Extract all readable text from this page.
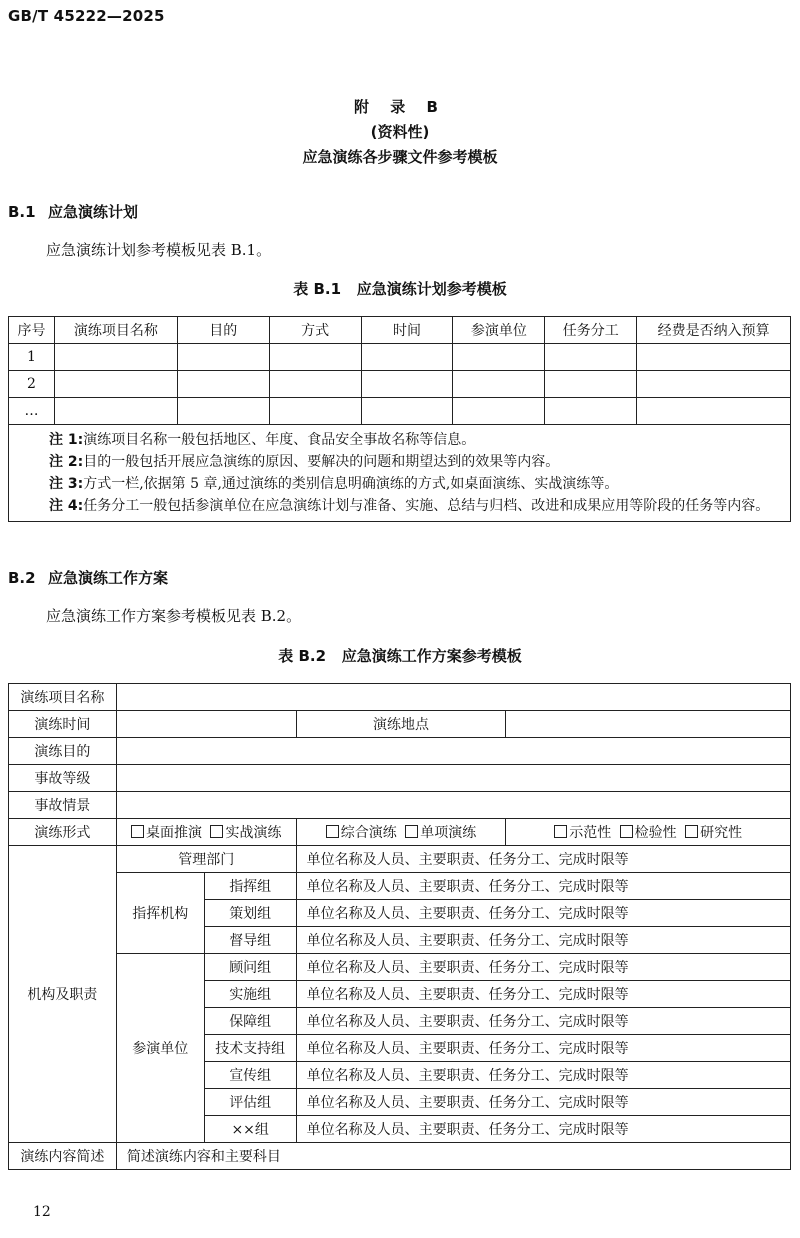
GB/T 45222—2025
附 录 B
(资料性)
应急演练各步骤文件参考模板
B.1 应急演练计划
应急演练计划参考模板见表 B.1。
表 B.1 应急演练计划参考模板
序号	演练项目名称	目的	方式	时间	参演单位	任务分工	经费是否纳入预算
1							
2							
…							

注 1:演练项目名称一般包括地区、年度、食品安全事故名称等信息。
注 2:目的一般包括开展应急演练的原因、要解决的问题和期望达到的效果等内容。
注 3:方式一栏,依据第 5 章,通过演练的类别信息明确演练的方式,如桌面演练、实战演练等。
注 4:任务分工一般包括参演单位在应急演练计划与准备、实施、总结与归档、改进和成果应用等阶段的任务等内容。							
B.2 应急演练工作方案
应急演练工作方案参考模板见表 B.2。
表 B.2 应急演练工作方案参考模板
演练项目名称				
演练时间			演练地点	
演练目的				
事故等级				
事故情景				
演练形式	桌面推演 实战演练		综合演练 单项演练	示范性 检验性 研究性
机构及职责	管理部门		单位名称及人员、主要职责、任务分工、完成时限等	
	指挥机构	指挥组	单位名称及人员、主要职责、任务分工、完成时限等	
		策划组	单位名称及人员、主要职责、任务分工、完成时限等	
		督导组	单位名称及人员、主要职责、任务分工、完成时限等	
	参演单位	顾问组	单位名称及人员、主要职责、任务分工、完成时限等	
		实施组	单位名称及人员、主要职责、任务分工、完成时限等	
		保障组	单位名称及人员、主要职责、任务分工、完成时限等	
		技术支持组	单位名称及人员、主要职责、任务分工、完成时限等	
		宣传组	单位名称及人员、主要职责、任务分工、完成时限等	
		评估组	单位名称及人员、主要职责、任务分工、完成时限等	
		××组	单位名称及人员、主要职责、任务分工、完成时限等	
演练内容简述	简述演练内容和主要科目			
12
